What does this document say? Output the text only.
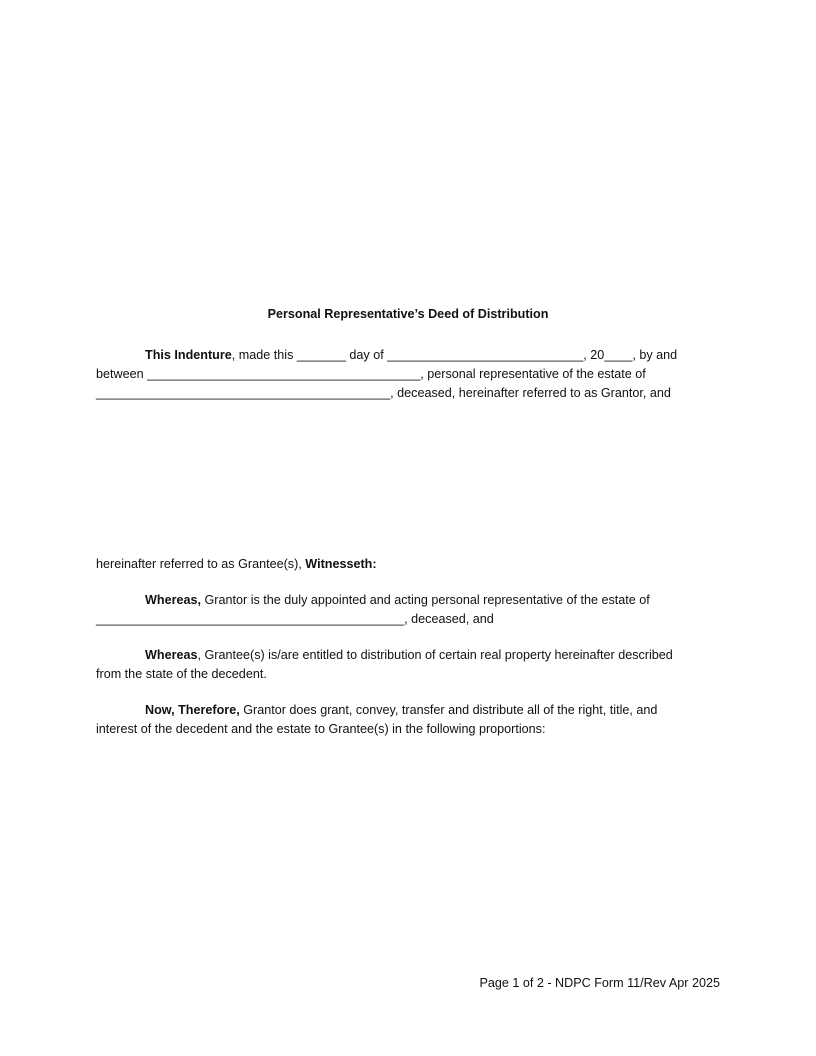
Personal Representative’s Deed of Distribution
This Indenture, made this _______ day of ____________________________, 20____, by and
between _______________________________________, personal representative of the estate of
__________________________________________, deceased, hereinafter referred to as Grantor, and
hereinafter referred to as Grantee(s), Witnesseth:
Whereas, Grantor is the duly appointed and acting personal representative of the estate of
____________________________________________, deceased, and
Whereas, Grantee(s) is/are entitled to distribution of certain real property hereinafter described
from the state of the decedent.
Now, Therefore, Grantor does grant, convey, transfer and distribute all of the right, title, and
interest of the decedent and the estate to Grantee(s) in the following proportions:
Page 1 of 2 - NDPC Form 11/Rev Apr 2025
